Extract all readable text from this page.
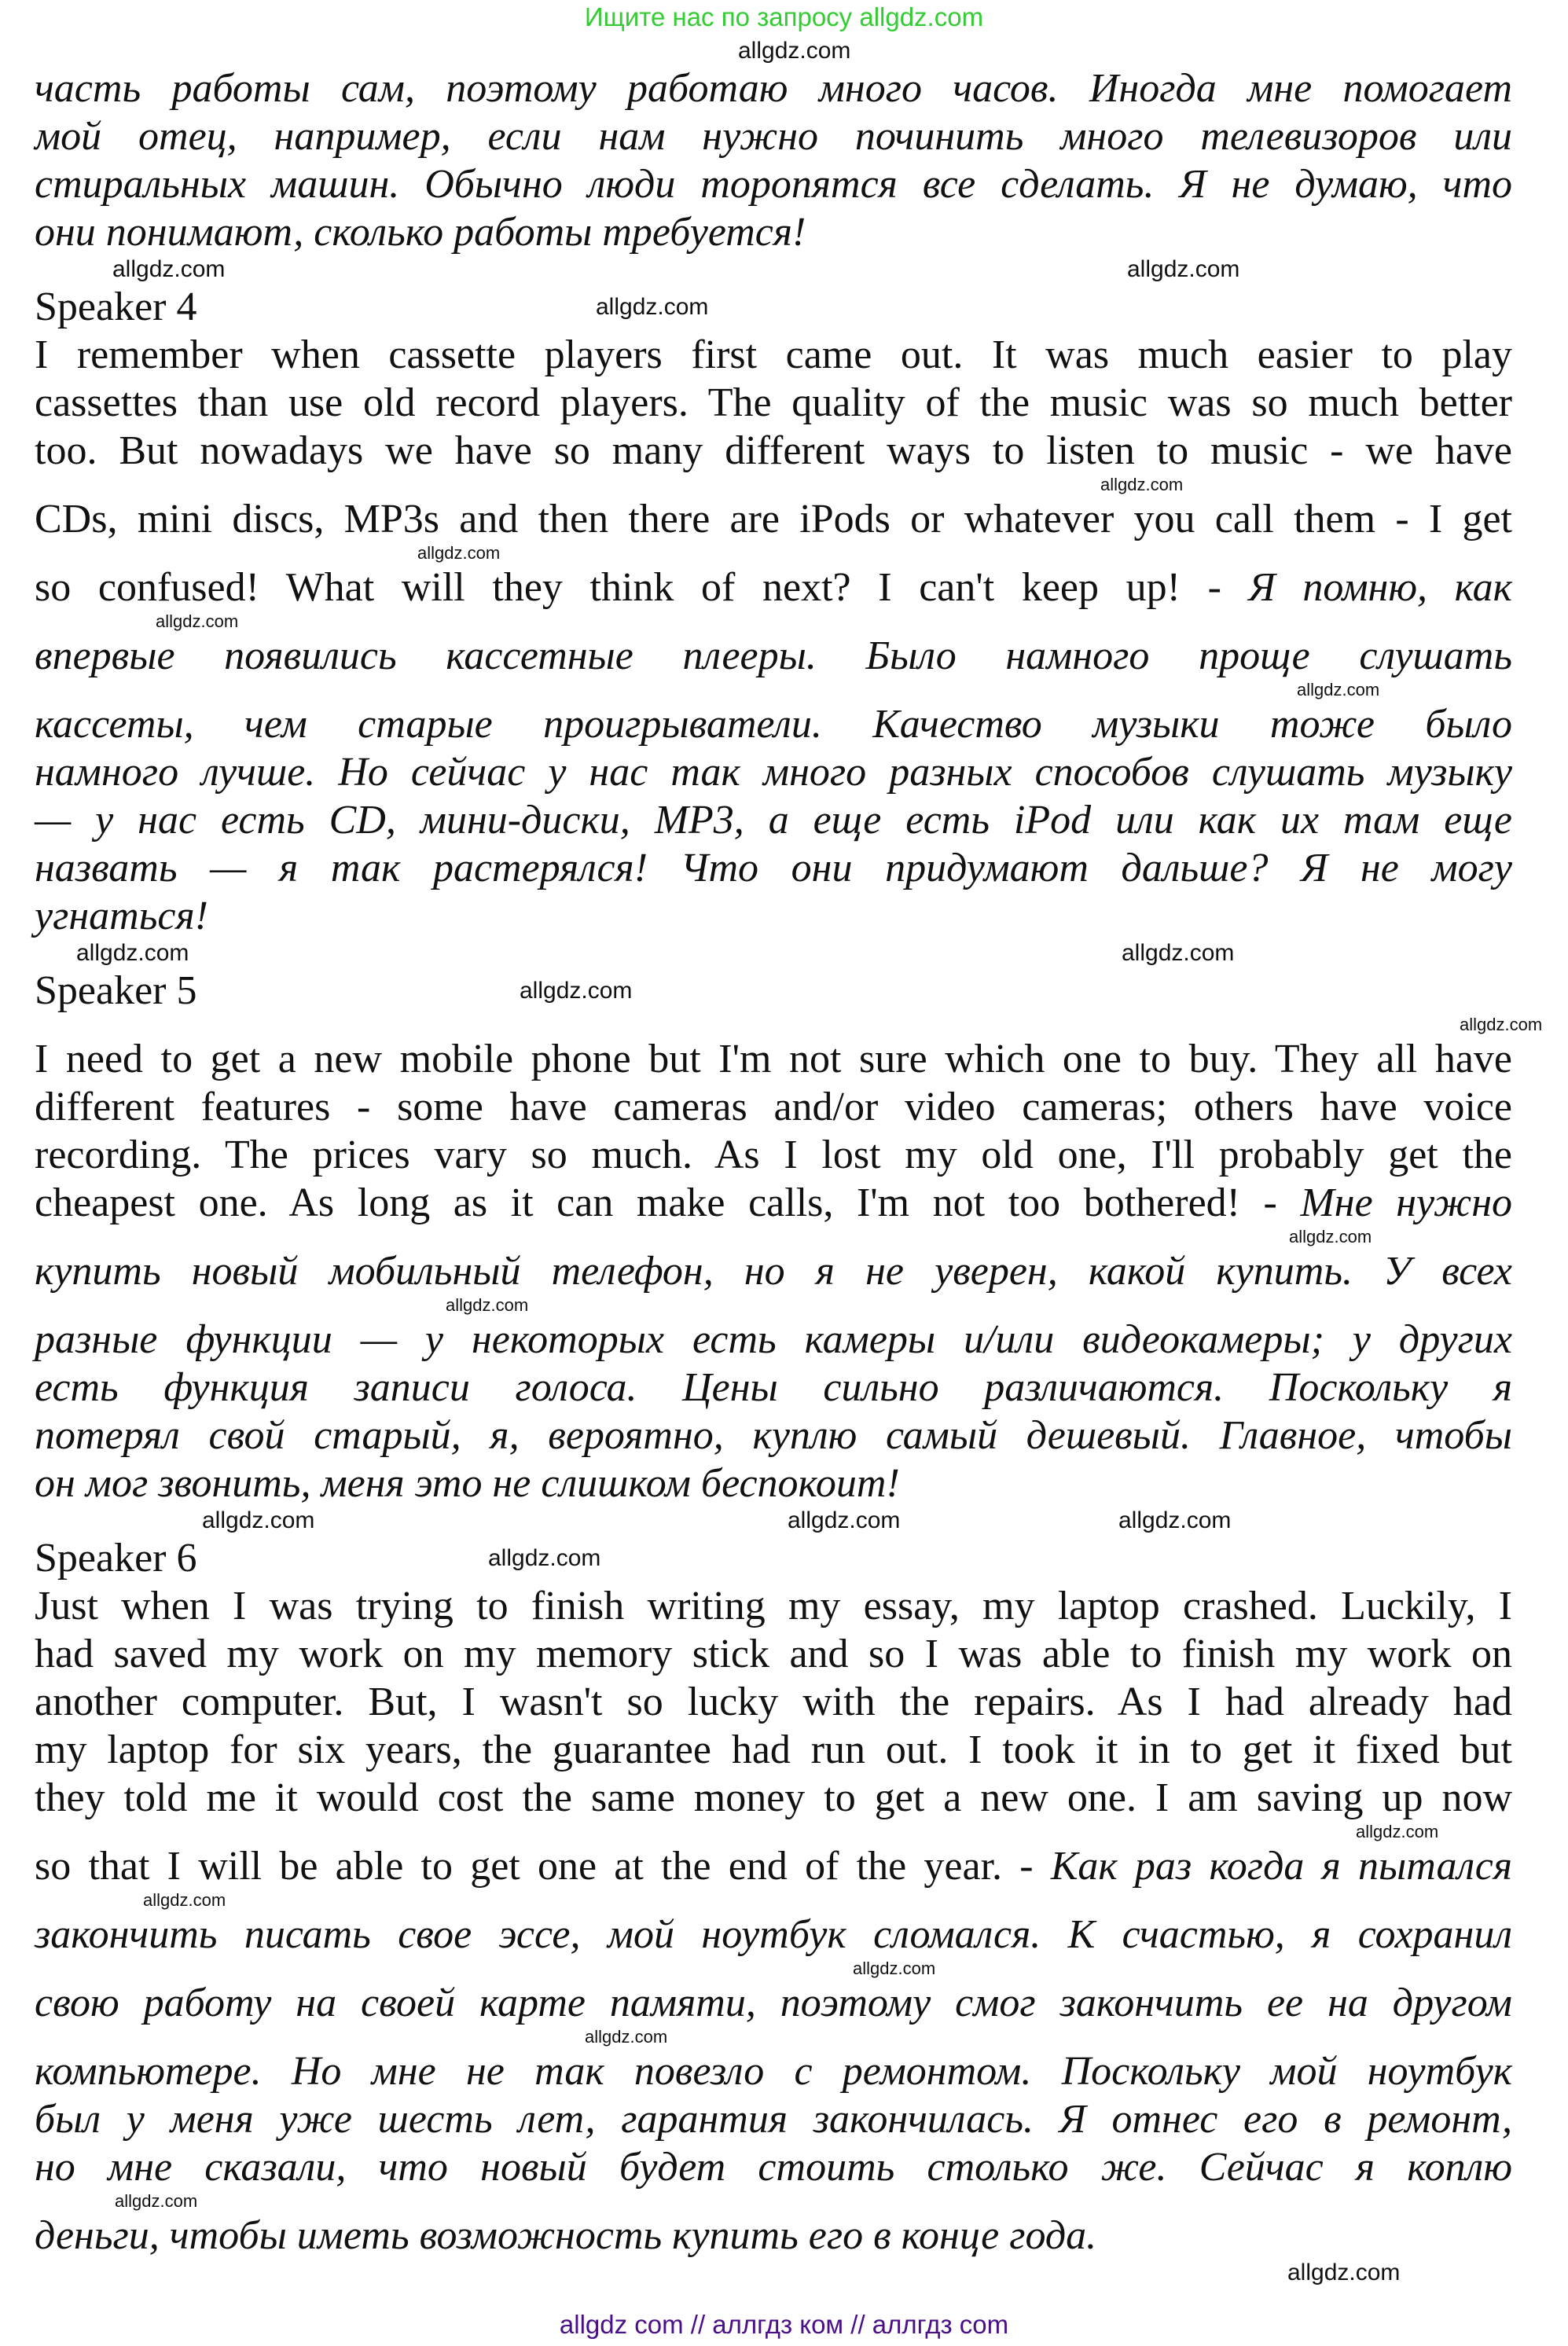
Ищите нас по запросу allgdz.com
allgdz.com
часть работы сам, поэтому работаю много часов. Иногда мне помогает
мой отец, например, если нам нужно починить много телевизоров или
стиральных машин. Обычно люди торопятся все сделать. Я не думаю, что
они понимают, сколько работы требуется!
allgdz.com
allgdz.com
Speaker 4	allgdz.com
I remember when cassette players first came out. It was much easier to play
cassettes than use old record players. The quality of the music was so much better
too. But nowadays we have so many different ways to listen to music - we have
allgdz.com
CDs, mini discs, MP3s and then there are iPods or whatever you call them - I get
allgdz.com
so confused! What will they think of next? I can't keep up! - Я помню, как
allgdz.com
впервые появились кассетные плееры. Было намного проще слушать
allgdz.com
кассеты, чем старые проигрыватели. Качество музыки тоже было
намного лучше. Но сейчас у нас так много разных способов слушать музыку
— у нас есть CD, мини-диски, MP3, а еще есть iPod или как их там еще
назвать — я так растерялся! Что они придумают дальше? Я не могу
угнаться!
allgdz.com
allgdz.com
Speaker 5	allgdz.com
allgdz.com
I need to get a new mobile phone but I'm not sure which one to buy. They all have
different features - some have cameras and/or video cameras; others have voice
recording. The prices vary so much. As I lost my old one, I'll probably get the
cheapest one. As long as it can make calls, I'm not too bothered! - Мне нужно
allgdz.com
купить новый мобильный телефон, но я не уверен, какой купить. У всех
allgdz.com
разные функции — у некоторых есть камеры и/или видеокамеры; у других
есть функция записи голоса. Цены сильно различаются. Поскольку я
потерял свой старый, я, вероятно, куплю самый дешевый. Главное, чтобы
он мог звонить, меня это не слишком беспокоит!
allgdz.com
allgdz.com	allgdz.com
Speaker 6	allgdz.com
Just when I was trying to finish writing my essay, my laptop crashed. Luckily, I
had saved my work on my memory stick and so I was able to finish my work on
another computer. But, I wasn't so lucky with the repairs. As I had already had
my laptop for six years, the guarantee had run out. I took it in to get it fixed but
they told me it would cost the same money to get a new one. I am saving up now
allgdz.com
so that I will be able to get one at the end of the year. - Как раз когда я пытался
allgdz.com
закончить писать свое эссе, мой ноутбук сломался. К счастью, я сохранил
allgdz.com
свою работу на своей карте памяти, поэтому смог закончить ее на другом
allgdz.com
компьютере. Но мне не так повезло с ремонтом. Поскольку мой ноутбук
был у меня уже шесть лет, гарантия закончилась. Я отнес его в ремонт,
но мне сказали, что новый будет стоить столько же. Сейчас я коплю
allgdz.com
деньги, чтобы иметь возможность купить его в конце года.
allgdz.com
allgdz com // аллгдз ком // аллгдз com
